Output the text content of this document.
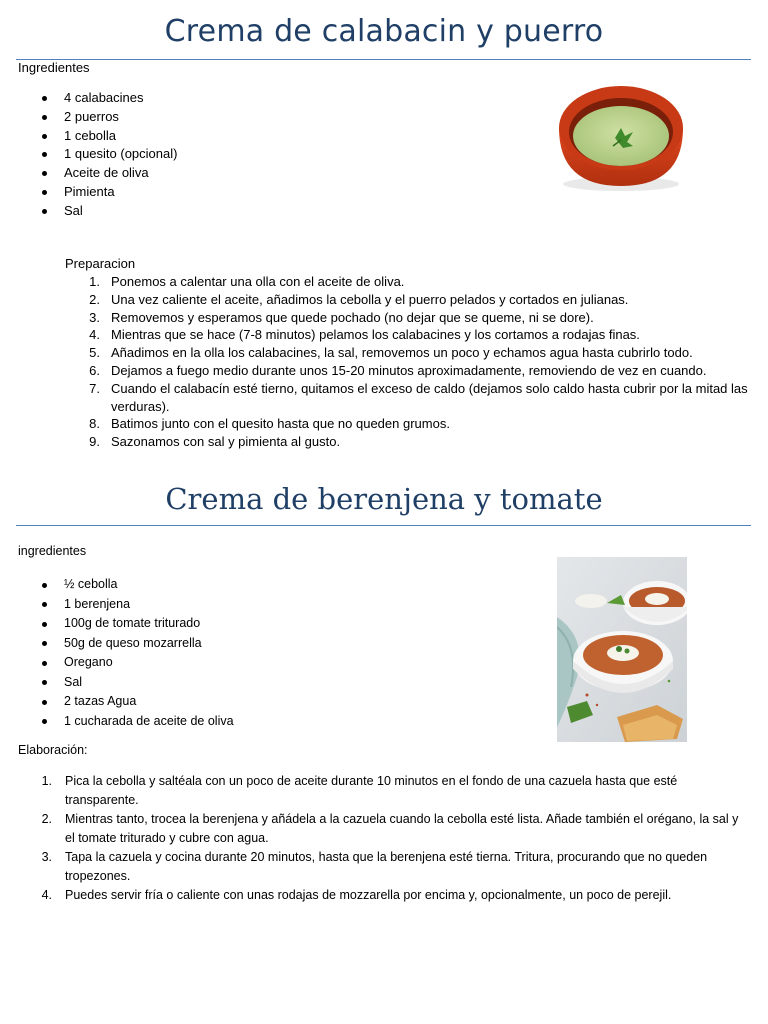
Crema de calabacin y puerro
Ingredientes
4 calabacines
2 puerros
1 cebolla
1 quesito (opcional)
Aceite de oliva
Pimienta
Sal
Preparacion
1. Ponemos a calentar una olla con el aceite de oliva.
2. Una vez caliente el aceite, añadimos la cebolla y el puerro pelados y cortados en julianas.
3. Removemos y esperamos que quede pochado (no dejar que se queme, ni se dore).
4. Mientras que se hace (7-8 minutos) pelamos los calabacines y los cortamos a rodajas finas.
5. Añadimos en la olla los calabacines, la sal, removemos un poco y echamos agua hasta cubrirlo todo.
6. Dejamos a fuego medio durante unos 15-20 minutos aproximadamente, removiendo de vez en cuando.
7. Cuando el calabacín esté tierno, quitamos el exceso de caldo (dejamos solo caldo hasta cubrir por la mitad las verduras).
8. Batimos junto con el quesito hasta que no queden grumos.
9. Sazonamos con sal y pimienta al gusto.
Crema de berenjena y tomate
ingredientes
½ cebolla
1 berenjena
100g de tomate triturado
50g de queso mozarrella
Oregano
Sal
2 tazas Agua
1 cucharada de aceite de oliva
Elaboración:
1. Pica la cebolla y saltéala con un poco de aceite durante 10 minutos en el fondo de una cazuela hasta que esté transparente.
2. Mientras tanto, trocea la berenjena y añádela a la cazuela cuando la cebolla esté lista. Añade también el orégano, la sal y el tomate triturado y cubre con agua.
3. Tapa la cazuela y cocina durante 20 minutos, hasta que la berenjena esté tierna. Tritura, procurando que no queden tropezones.
4. Puedes servir fría o caliente con unas rodajas de mozzarella por encima y, opcionalmente, un poco de perejil.
